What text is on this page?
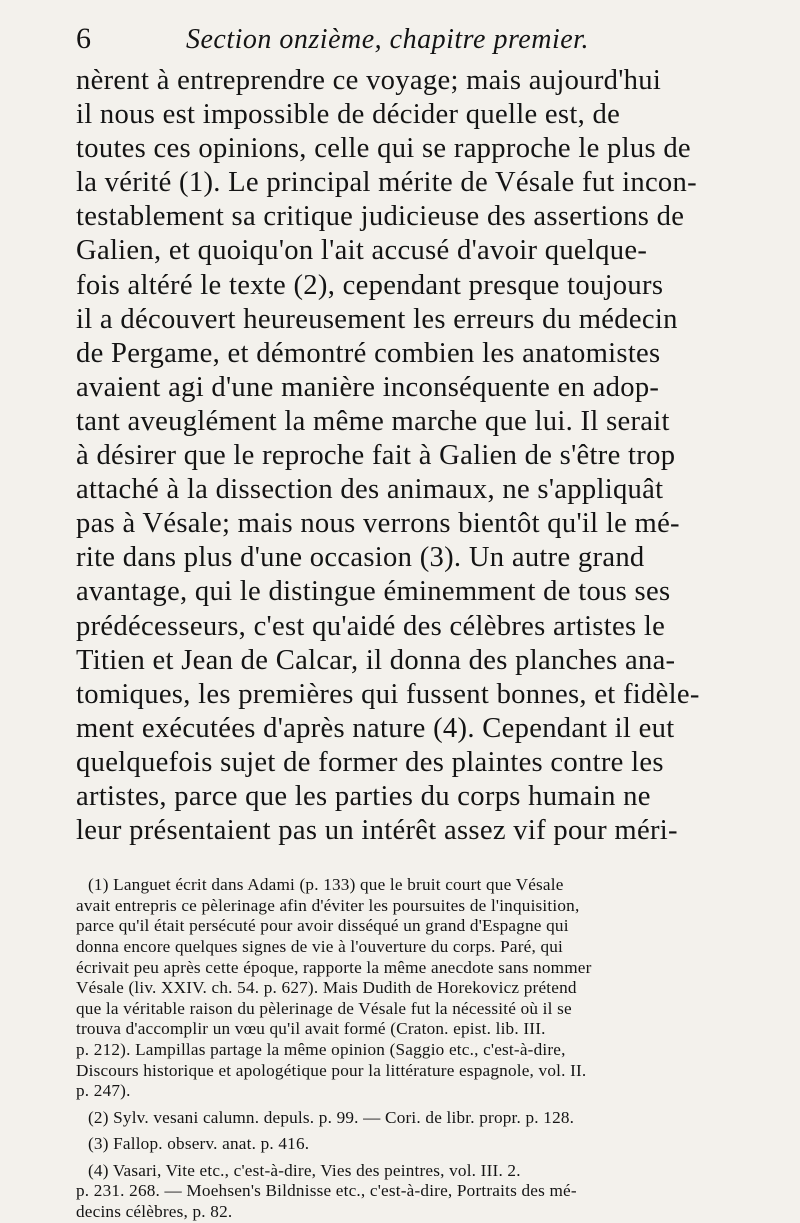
6	Section onzième, chapitre premier.
nèrent à entreprendre ce voyage; mais aujourd'hui
il nous est impossible de décider quelle est, de
toutes ces opinions, celle qui se rapproche le plus de
la vérité (1). Le principal mérite de Vésale fut incon-
testablement sa critique judicieuse des assertions de
Galien, et quoiqu'on l'ait accusé d'avoir quelque-
fois altéré le texte (2), cependant presque toujours
il a découvert heureusement les erreurs du médecin
de Pergame, et démontré combien les anatomistes
avaient agi d'une manière inconséquente en adop-
tant aveuglément la même marche que lui. Il serait
à désirer que le reproche fait à Galien de s'être trop
attaché à la dissection des animaux, ne s'appliquât
pas à Vésale; mais nous verrons bientôt qu'il le mé-
rite dans plus d'une occasion (3). Un autre grand
avantage, qui le distingue éminemment de tous ses
prédécesseurs, c'est qu'aidé des célèbres artistes le
Titien et Jean de Calcar, il donna des planches ana-
tomiques, les premières qui fussent bonnes, et fidèle-
ment exécutées d'après nature (4). Cependant il eut
quelquefois sujet de former des plaintes contre les
artistes, parce que les parties du corps humain ne
leur présentaient pas un intérêt assez vif pour méri-
(1) Languet écrit dans Adami (p. 133) que le bruit court que Vésale
avait entrepris ce pèlerinage afin d'éviter les poursuites de l'inquisition,
parce qu'il était persécuté pour avoir disséqué un grand d'Espagne qui
donna encore quelques signes de vie à l'ouverture du corps. Paré, qui
écrivait peu après cette époque, rapporte la même anecdote sans nommer
Vésale (liv. XXIV. ch. 54. p. 627). Mais Dudith de Horekovicz prétend
que la véritable raison du pèlerinage de Vésale fut la nécessité où il se
trouva d'accomplir un vœu qu'il avait formé (Craton. epist. lib. III.
p. 212). Lampillas partage la même opinion (Saggio etc., c'est-à-dire,
Discours historique et apologétique pour la littérature espagnole, vol. II.
p. 247).
(2) Sylv. vesani calumn. depuls. p. 99. — Cori. de libr. propr. p. 128.
(3) Fallop. observ. anat. p. 416.
(4) Vasari, Vite etc., c'est-à-dire, Vies des peintres, vol. III. 2.
p. 231. 268. — Moehsen's Bildnisse etc., c'est-à-dire, Portraits des mé-
decins célèbres, p. 82.
